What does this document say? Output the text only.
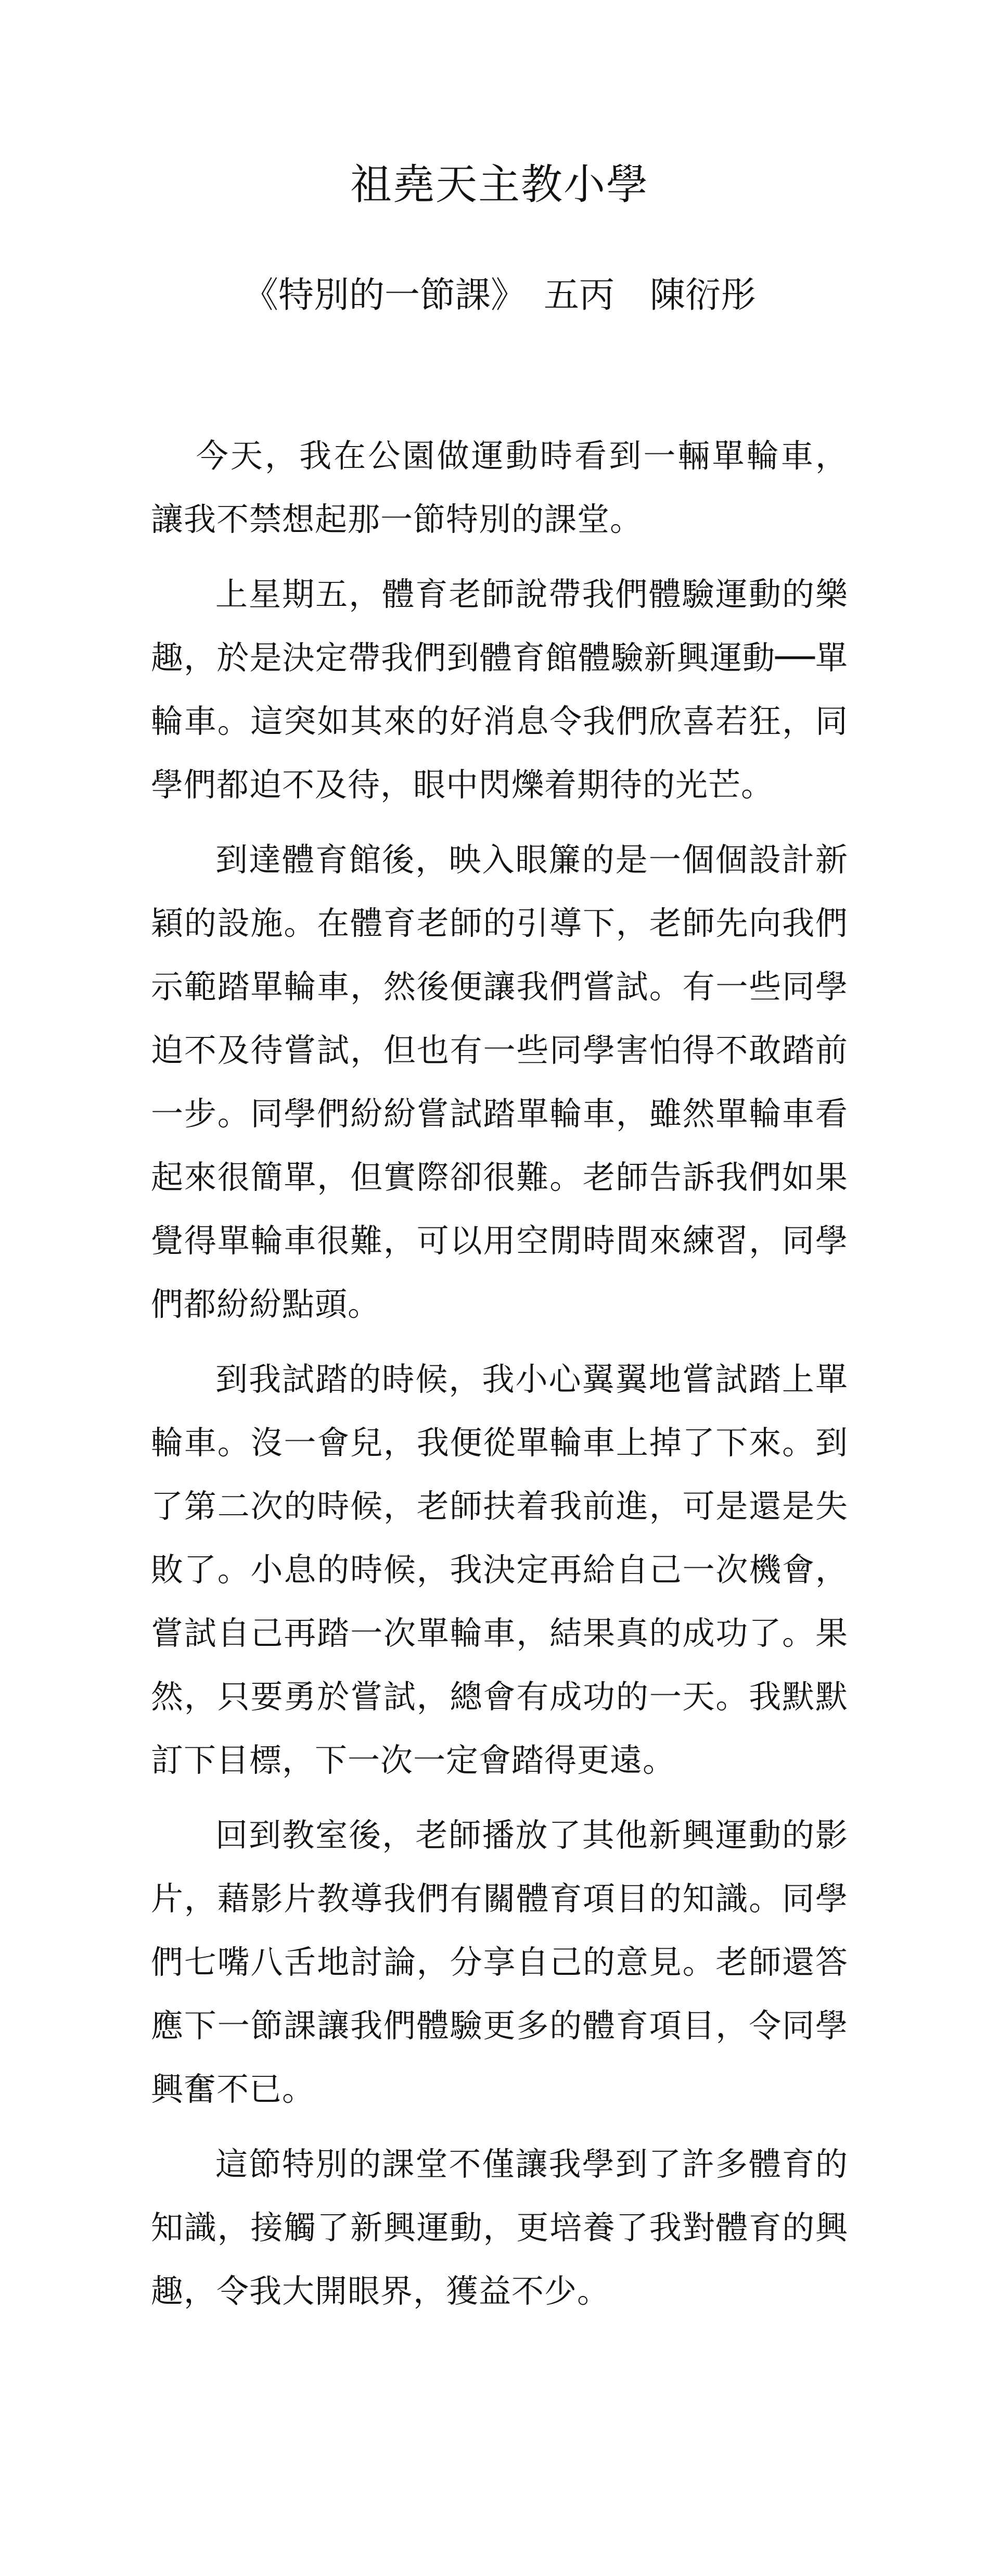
祖堯天主教小學
《特別的一節課》　五丙　陳衍彤

今天，我在公園做運動時看到一輛單輪車，讓我不禁想起那一節特別的課堂。

上星期五，體育老師說帶我們體驗運動的樂趣，於是決定帶我們到體育館體驗新興運動──單輪車。這突如其來的好消息令我們欣喜若狂，同學們都迫不及待，眼中閃爍着期待的光芒。

到達體育館後，映入眼簾的是一個個設計新穎的設施。在體育老師的引導下，老師先向我們示範踏單輪車，然後便讓我們嘗試。有一些同學迫不及待嘗試，但也有一些同學害怕得不敢踏前一步。同學們紛紛嘗試踏單輪車，雖然單輪車看起來很簡單，但實際卻很難。老師告訴我們如果覺得單輪車很難，可以用空閒時間來練習，同學們都紛紛點頭。

到我試踏的時候，我小心翼翼地嘗試踏上單輪車。沒一會兒，我便從單輪車上掉了下來。到了第二次的時候，老師扶着我前進，可是還是失敗了。小息的時候，我決定再給自己一次機會，嘗試自己再踏一次單輪車，結果真的成功了。果然，只要勇於嘗試，總會有成功的一天。我默默訂下目標，下一次一定會踏得更遠。

回到教室後，老師播放了其他新興運動的影片，藉影片教導我們有關體育項目的知識。同學們七嘴八舌地討論，分享自己的意見。老師還答應下一節課讓我們體驗更多的體育項目，令同學興奮不已。

這節特別的課堂不僅讓我學到了許多體育的知識，接觸了新興運動，更培養了我對體育的興趣，令我大開眼界，獲益不少。
